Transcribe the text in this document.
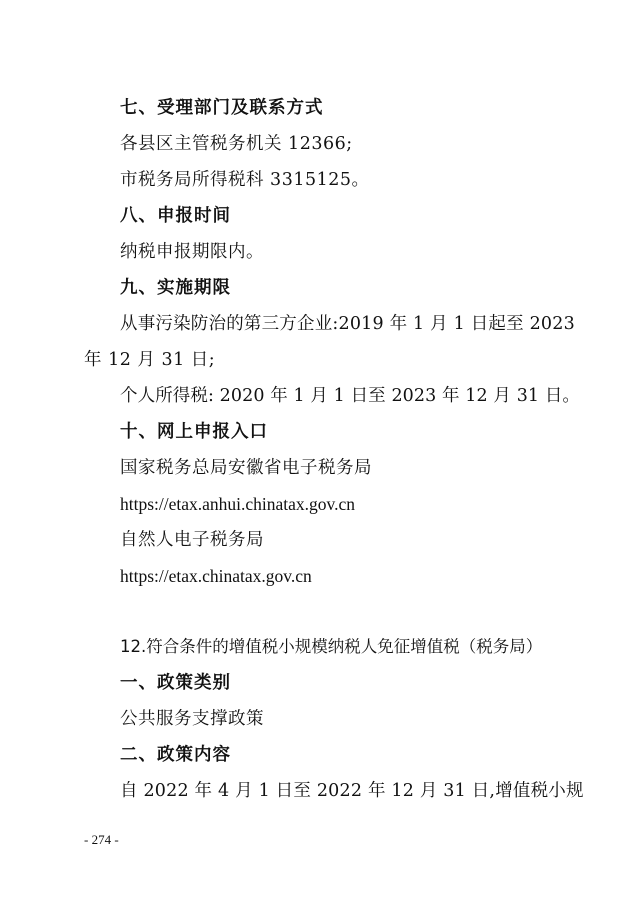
七、受理部门及联系方式
各县区主管税务机关 12366;
市税务局所得税科 3315125。
八、申报时间
纳税申报期限内。
九、实施期限
从事污染防治的第三方企业:2019 年 1 月 1 日起至 2023
年 12 月 31 日;
个人所得税: 2020 年 1 月 1 日至 2023 年 12 月 31 日。
十、网上申报入口
国家税务总局安徽省电子税务局
https://etax.anhui.chinatax.gov.cn
自然人电子税务局
https://etax.chinatax.gov.cn
12.符合条件的增值税小规模纳税人免征增值税（税务局）
一、政策类别
公共服务支撑政策
二、政策内容
自 2022 年 4 月 1 日至 2022 年 12 月 31 日,增值税小规
- 274 -
